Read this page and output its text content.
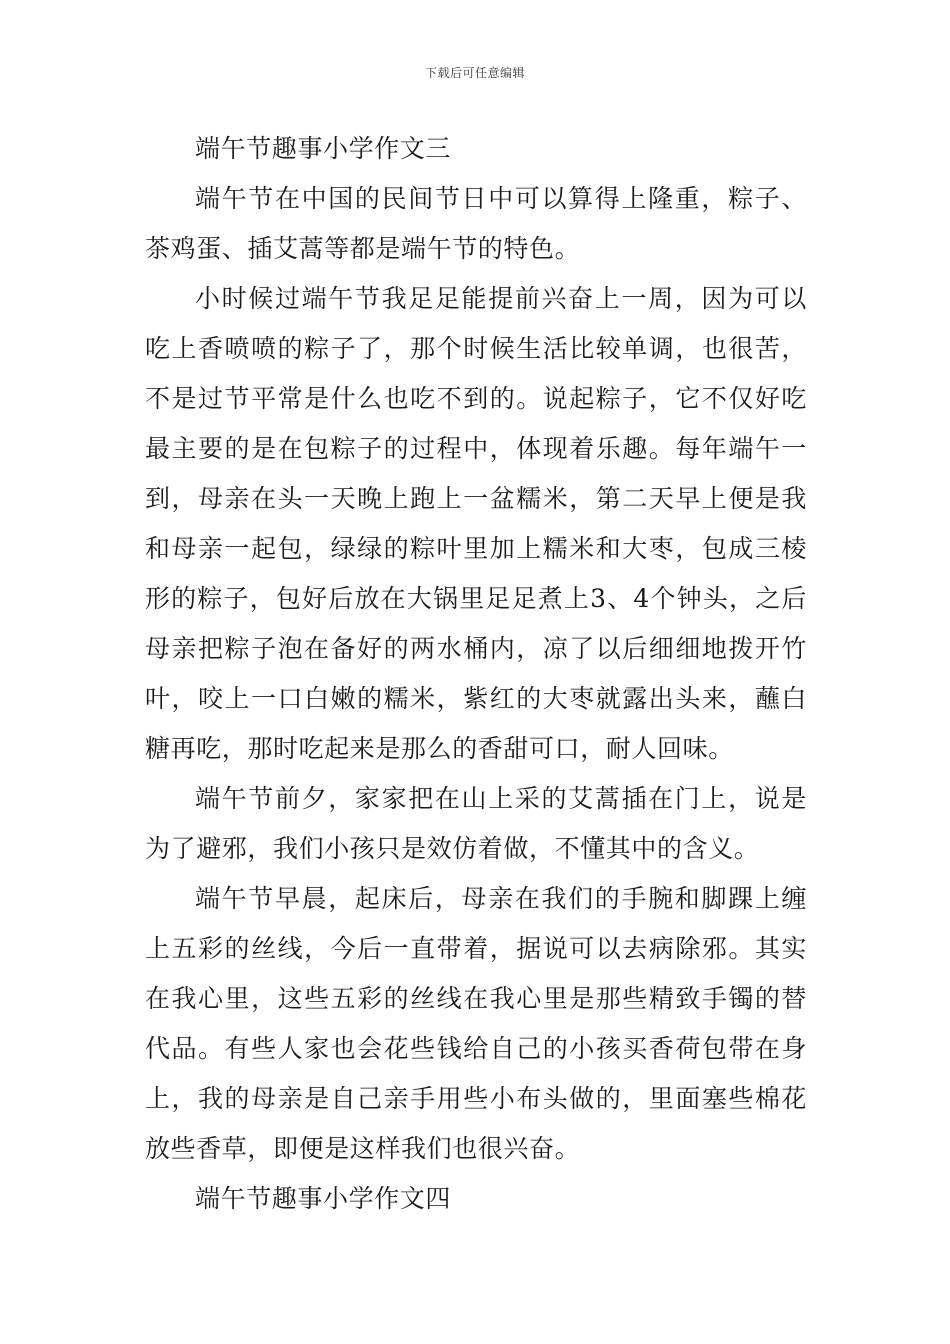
下载后可任意编辑

端午节趣事小学作文三

端午节在中国的民间节日中可以算得上隆重，粽子、茶鸡蛋、插艾蒿等都是端午节的特色。

小时候过端午节我足足能提前兴奋上一周，因为可以吃上香喷喷的粽子了，那个时候生活比较单调，也很苦，不是过节平常是什么也吃不到的。说起粽子，它不仅好吃最主要的是在包粽子的过程中，体现着乐趣。每年端午一到，母亲在头一天晚上跑上一盆糯米，第二天早上便是我和母亲一起包，绿绿的粽叶里加上糯米和大枣，包成三棱形的粽子，包好后放在大锅里足足煮上3、4个钟头，之后母亲把粽子泡在备好的两水桶内，凉了以后细细地拨开竹叶，咬上一口白嫩的糯米，紫红的大枣就露出头来，蘸白糖再吃，那时吃起来是那么的香甜可口，耐人回味。

端午节前夕，家家把在山上采的艾蒿插在门上，说是为了避邪，我们小孩只是效仿着做，不懂其中的含义。

端午节早晨，起床后，母亲在我们的手腕和脚踝上缠上五彩的丝线，今后一直带着，据说可以去病除邪。其实在我心里，这些五彩的丝线在我心里是那些精致手镯的替代品。有些人家也会花些钱给自己的小孩买香荷包带在身上，我的母亲是自己亲手用些小布头做的，里面塞些棉花放些香草，即便是这样我们也很兴奋。

端午节趣事小学作文四
